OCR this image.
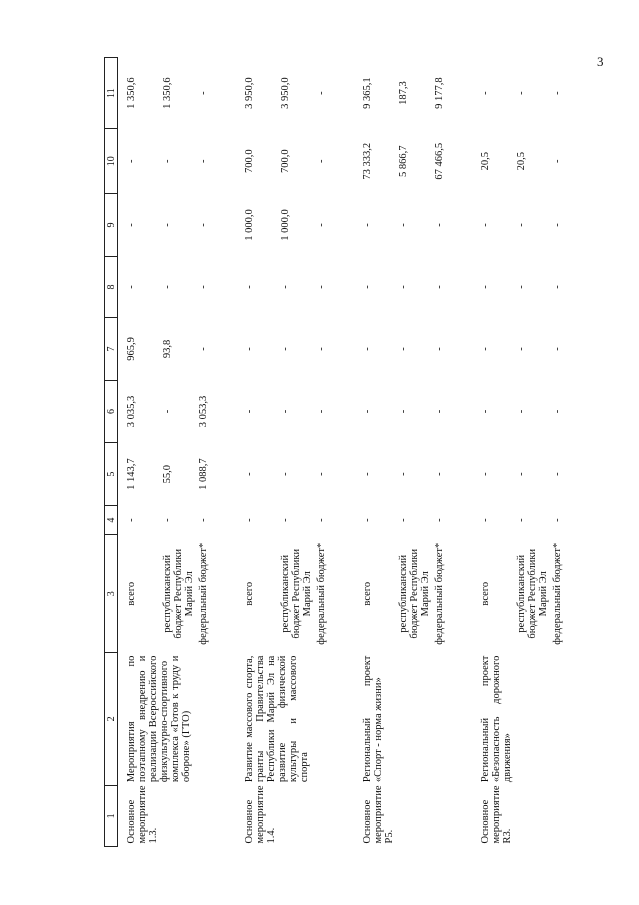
3
1	2	3	4	5	6	7	8	9	10	11

Основное мероприятие 1.3.	Мероприятия по поэтапному внедрению и реализации Всероссийского физкультурно-спортивного комплекса «Готов к труду и обороне» (ГТО)	всего	-	1 143,7	3 035,3	965,9	-	-	-	1 350,6
		республиканский бюджет Республики Марий Эл	-	55,0	-	93,8	-	-	-	1 350,6
		федеральный бюджет*	-	1 088,7	3 053,3	-	-	-	-	-

Основное мероприятие 1.4.	Развитие массового спорта, гранты Правительства Республики Марий Эл на развитие физической культуры и массового спорта	всего	-	-	-	-	-	1 000,0	700,0	3 950,0
		республиканский бюджет Республики Марий Эл	-	-	-	-	-	1 000,0	700,0	3 950,0
		федеральный бюджет*	-	-	-	-	-	-	-	-

Основное мероприятие Р5.	Региональный проект «Спорт - норма жизни»	всего	-	-	-	-	-	-	73 333,2	9 365,1
		республиканский бюджет Республики Марий Эл	-	-	-	-	-	-	5 866,7	187,3
		федеральный бюджет*	-	-	-	-	-	-	67 466,5	9 177,8

Основное мероприятие R3.	Региональный проект «Безопасность дорожного движения»	всего	-	-	-	-	-	-	20,5	-
		республиканский бюджет Республики Марий Эл	-	-	-	-	-	-	20,5	-
		федеральный бюджет*	-	-	-	-	-	-	-	-
